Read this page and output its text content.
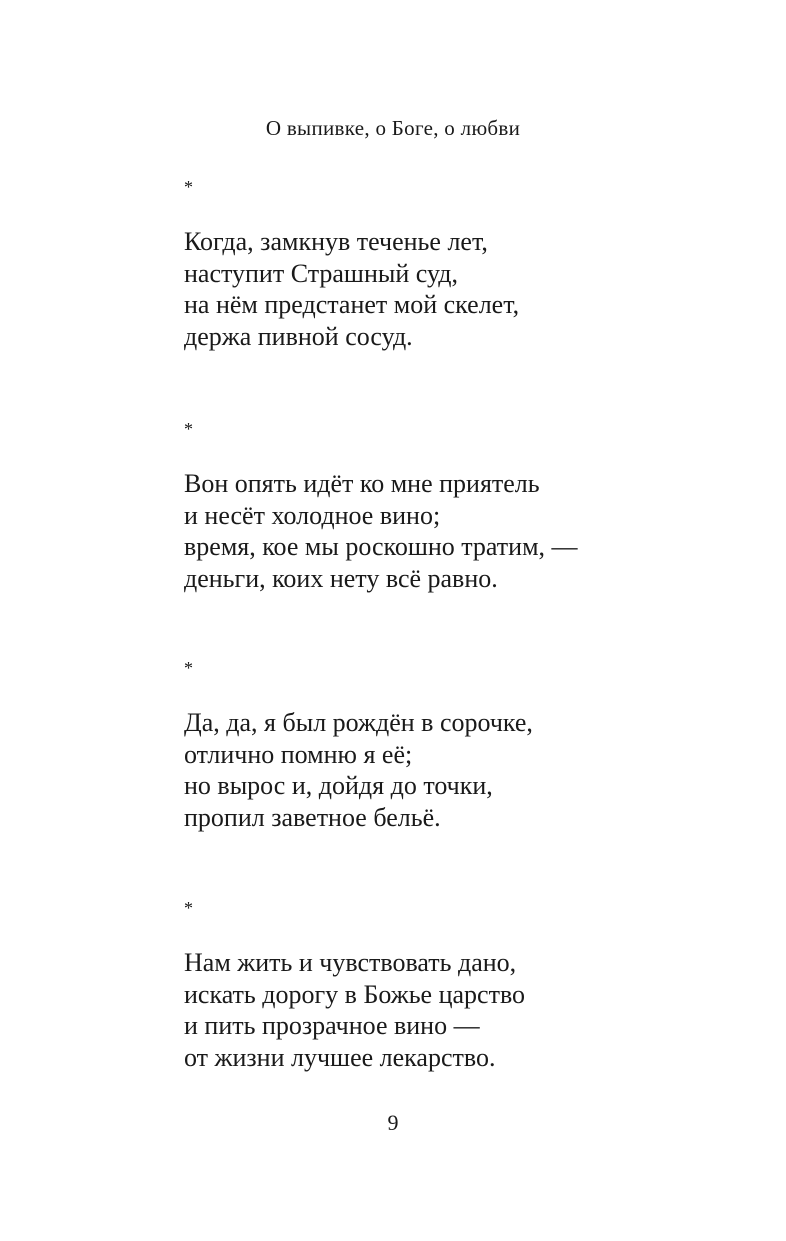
О выпивке, о Боге, о любви
*
Когда, замкнув теченье лет,
наступит Страшный суд,
на нём предстанет мой скелет,
держа пивной сосуд.
*
Вон опять идёт ко мне приятель
и несёт холодное вино;
время, кое мы роскошно тратим, —
деньги, коих нету всё равно.
*
Да, да, я был рождён в сорочке,
отлично помню я её;
но вырос и, дойдя до точки,
пропил заветное бельё.
*
Нам жить и чувствовать дано,
искать дорогу в Божье царство
и пить прозрачное вино —
от жизни лучшее лекарство.
9
